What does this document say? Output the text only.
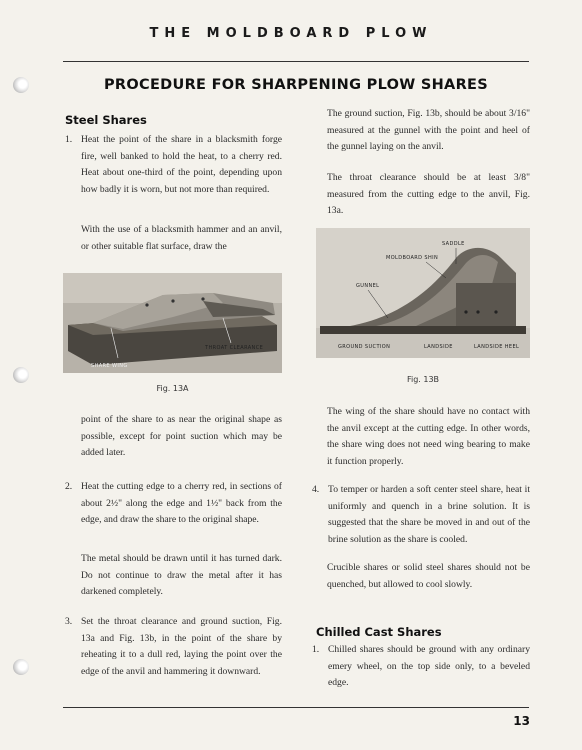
THE MOLDBOARD PLOW
PROCEDURE FOR SHARPENING PLOW SHARES
Steel Shares
1. Heat the point of the share in a blacksmith forge fire, well banked to hold the heat, to a cherry red. Heat about one-third of the point, depending upon how badly it is worn, but not more than required.
With the use of a blacksmith hammer and an anvil, or other suitable flat surface, draw the
SHARE WING
THROAT CLEARANCE
Fig. 13A
point of the share to as near the original shape as possible, except for point suction which may be added later.
2. Heat the cutting edge to a cherry red, in sections of about 2½" along the edge and 1½" back from the edge, and draw the share to the original shape.
The metal should be drawn until it has turned dark. Do not continue to draw the metal after it has darkened completely.
3. Set the throat clearance and ground suction, Fig. 13a and Fig. 13b, in the point of the share by reheating it to a dull red, laying the point over the edge of the anvil and hammering it downward.
The ground suction, Fig. 13b, should be about 3/16" measured at the gunnel with the point and heel of the gunnel laying on the anvil.
The throat clearance should be at least 3/8" measured from the cutting edge to the anvil, Fig. 13a.
SADDLE
MOLDBOARD SHIN
GUNNEL
GROUND SUCTION	LANDSIDE	LANDSIDE HEEL
Fig. 13B
The wing of the share should have no contact with the anvil except at the cutting edge. In other words, the share wing does not need wing bearing to make it function properly.
4. To temper or harden a soft center steel share, heat it uniformly and quench in a brine solution. It is suggested that the share be moved in and out of the brine solution as the share is cooled.
Crucible shares or solid steel shares should not be quenched, but allowed to cool slowly.
Chilled Cast Shares
1. Chilled shares should be ground with any ordinary emery wheel, on the top side only, to a beveled edge.
13
